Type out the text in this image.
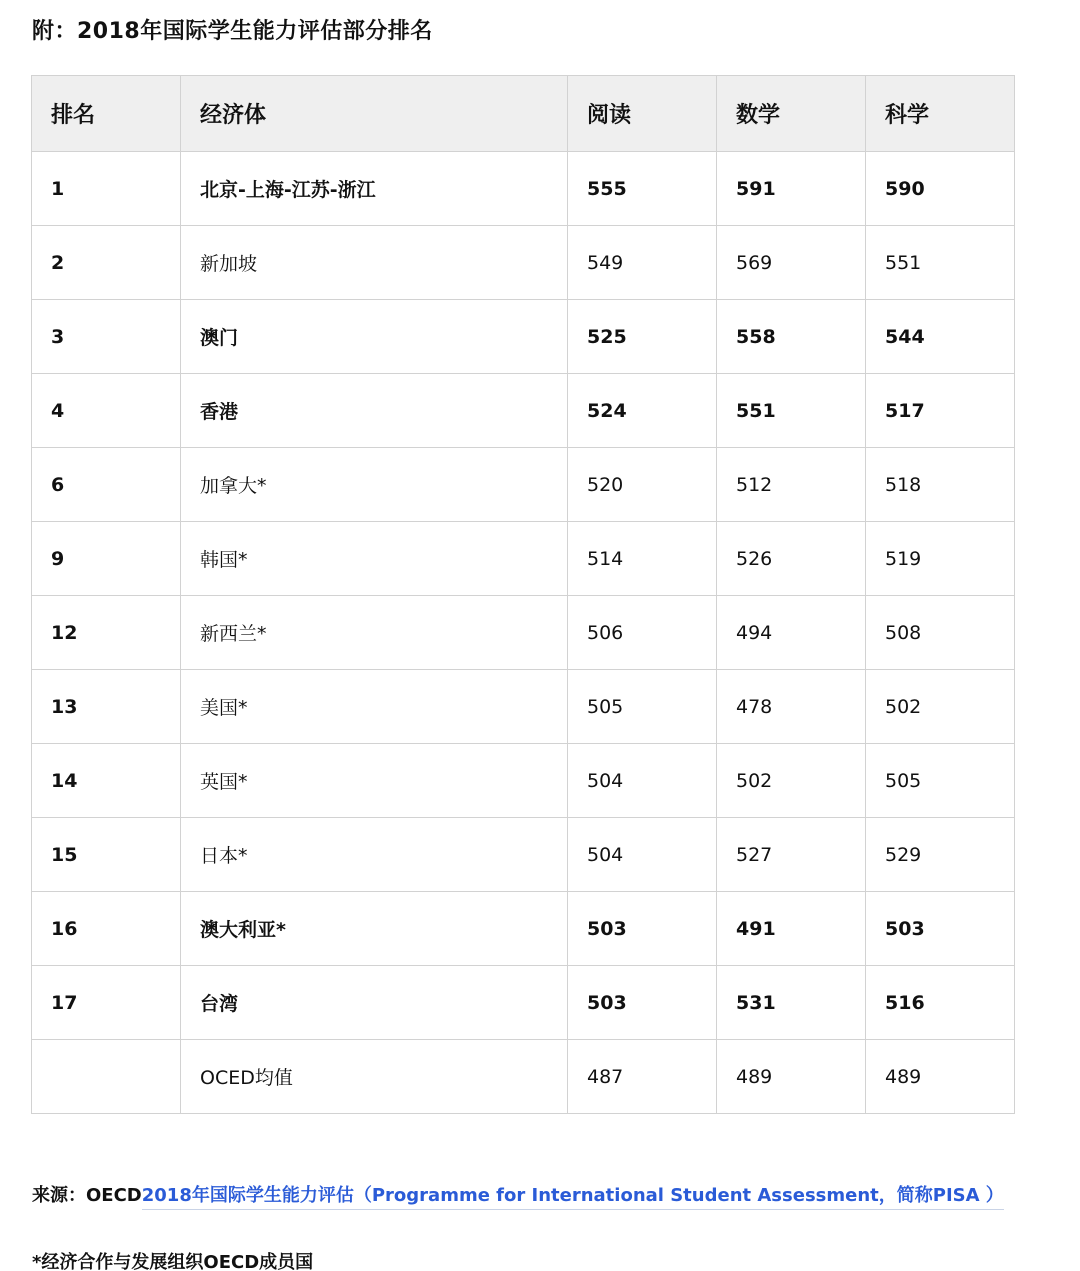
附：2018年国际学生能力评估部分排名
排名	经济体	阅读	数学	科学
1	北京-上海-江苏-浙江	555	591	590
2	新加坡	549	569	551
3	澳门	525	558	544
4	香港	524	551	517
6	加拿大*	520	512	518
9	韩国*	514	526	519
12	新西兰*	506	494	508
13	美国*	505	478	502
14	英国*	504	502	505
15	日本*	504	527	529
16	澳大利亚*	503	491	503
17	台湾	503	531	516
	OCED均值	487	489	489
来源：OECD2018年国际学生能力评估（Programme for International Student Assessment，简称PISA ）
*经济合作与发展组织OECD成员国
